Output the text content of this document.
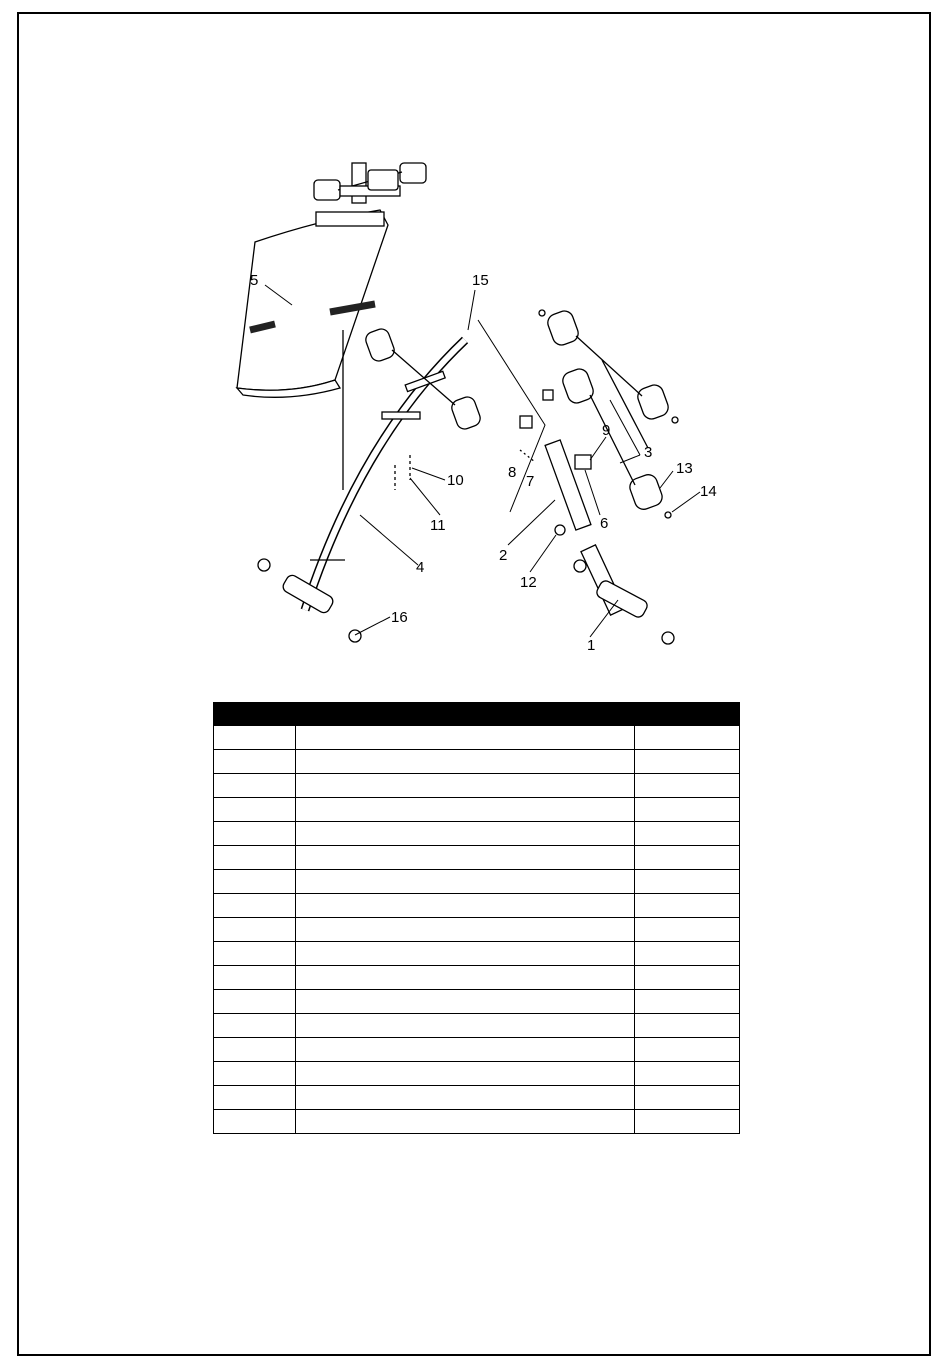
5	15
10
11
4
16
1
2
12
8
7
6
9
3
13
14
